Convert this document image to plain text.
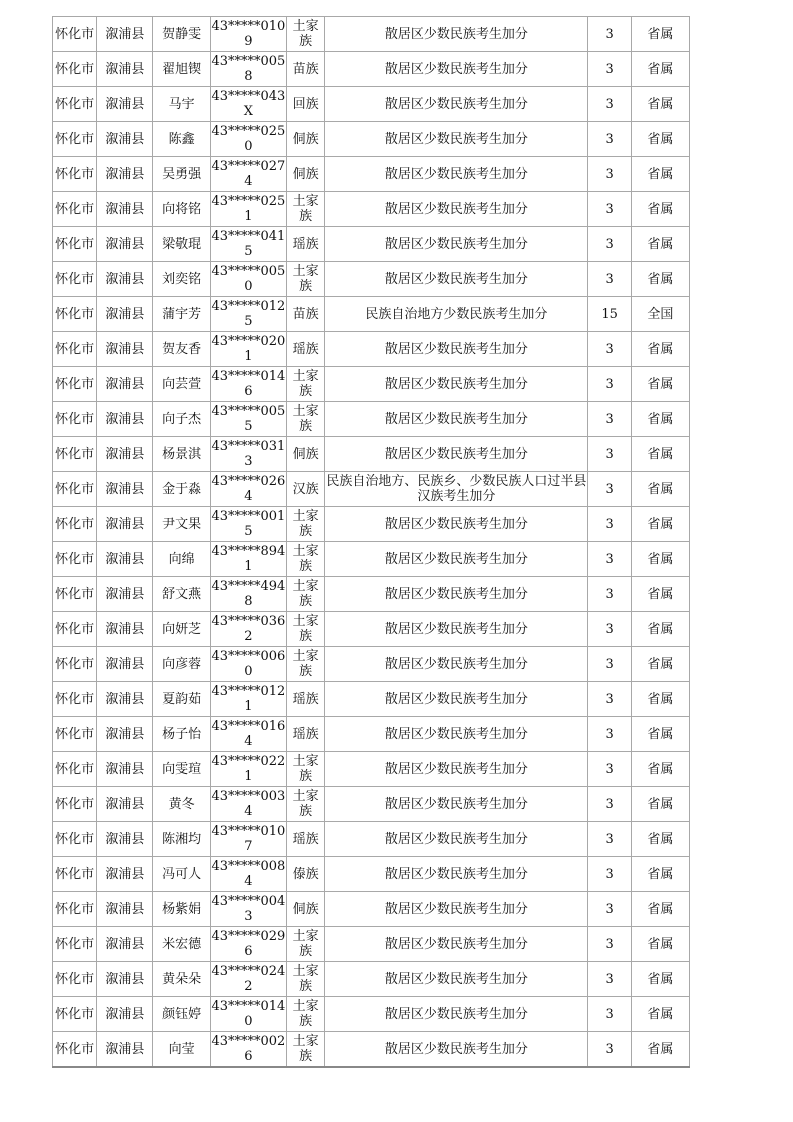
怀化市	溆浦县	贺静雯	43*****0109	土家族	散居区少数民族考生加分	3	省属
怀化市	溆浦县	翟旭锲	43*****0058	苗族	散居区少数民族考生加分	3	省属
怀化市	溆浦县	马宇	43*****043X	回族	散居区少数民族考生加分	3	省属
怀化市	溆浦县	陈鑫	43*****0250	侗族	散居区少数民族考生加分	3	省属
怀化市	溆浦县	吴勇强	43*****0274	侗族	散居区少数民族考生加分	3	省属
怀化市	溆浦县	向将铭	43*****0251	土家族	散居区少数民族考生加分	3	省属
怀化市	溆浦县	梁敬琨	43*****0415	瑶族	散居区少数民族考生加分	3	省属
怀化市	溆浦县	刘奕铭	43*****0050	土家族	散居区少数民族考生加分	3	省属
怀化市	溆浦县	蒲宇芳	43*****0125	苗族	民族自治地方少数民族考生加分	15	全国
怀化市	溆浦县	贺友香	43*****0201	瑶族	散居区少数民族考生加分	3	省属
怀化市	溆浦县	向芸萱	43*****0146	土家族	散居区少数民族考生加分	3	省属
怀化市	溆浦县	向子杰	43*****0055	土家族	散居区少数民族考生加分	3	省属
怀化市	溆浦县	杨景淇	43*****0313	侗族	散居区少数民族考生加分	3	省属
怀化市	溆浦县	金于淼	43*****0264	汉族	民族自治地方、民族乡、少数民族人口过半县汉族考生加分	3	省属
怀化市	溆浦县	尹文果	43*****0015	土家族	散居区少数民族考生加分	3	省属
怀化市	溆浦县	向绵	43*****8941	土家族	散居区少数民族考生加分	3	省属
怀化市	溆浦县	舒文燕	43*****4948	土家族	散居区少数民族考生加分	3	省属
怀化市	溆浦县	向妍芝	43*****0362	土家族	散居区少数民族考生加分	3	省属
怀化市	溆浦县	向彦蓉	43*****0060	土家族	散居区少数民族考生加分	3	省属
怀化市	溆浦县	夏韵茹	43*****0121	瑶族	散居区少数民族考生加分	3	省属
怀化市	溆浦县	杨子怡	43*****0164	瑶族	散居区少数民族考生加分	3	省属
怀化市	溆浦县	向雯瑄	43*****0221	土家族	散居区少数民族考生加分	3	省属
怀化市	溆浦县	黄冬	43*****0034	土家族	散居区少数民族考生加分	3	省属
怀化市	溆浦县	陈湘均	43*****0107	瑶族	散居区少数民族考生加分	3	省属
怀化市	溆浦县	冯可人	43*****0084	傣族	散居区少数民族考生加分	3	省属
怀化市	溆浦县	杨紫娟	43*****0043	侗族	散居区少数民族考生加分	3	省属
怀化市	溆浦县	米宏德	43*****0296	土家族	散居区少数民族考生加分	3	省属
怀化市	溆浦县	黄朵朵	43*****0242	土家族	散居区少数民族考生加分	3	省属
怀化市	溆浦县	颜钰婷	43*****0140	土家族	散居区少数民族考生加分	3	省属
怀化市	溆浦县	向莹	43*****0026	土家族	散居区少数民族考生加分	3	省属
